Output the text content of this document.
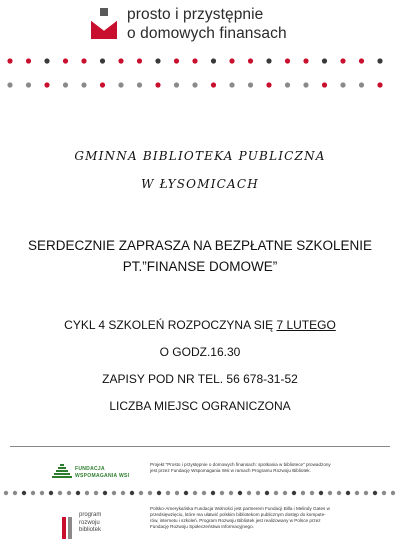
prosto i przystępnie
o domowych finansach
GMINNA BIBLIOTEKA PUBLICZNA
W ŁYSOMICACH
SERDECZNIE ZAPRASZA NA BEZPŁATNE SZKOLENIE
PT.”FINANSE DOMOWE”
CYKL 4 SZKOLEŃ ROZPOCZYNA SIĘ 7 LUTEGO
O GODZ.16.30
ZAPISY POD NR TEL. 56 678-31-52
LICZBA MIEJSC OGRANICZONA
FUNDACJA
WSPOMAGANIA WSI
Projekt "Prosto i przystępnie o domowych finansach: spotkania w bibliotece" prowadzony
jest przez Fundację Wspomagania Wsi w ramach Programu Rozwoju Bibliotek.
program
rozwoju
bibliotek
Polsko-Amerykańska Fundacja Wolności jest partnerem Fundacji Billa i Melindy Gates w
przedsięwzięciu, które ma ułatwić polskim bibliotekom publicznym dostęp do kompute-
rów, internetu i szkoleń. Program Rozwoju Bibliotek jest realizowany w Polsce przez
Fundację Rozwoju Społeczeństwa Informacyjnego.
